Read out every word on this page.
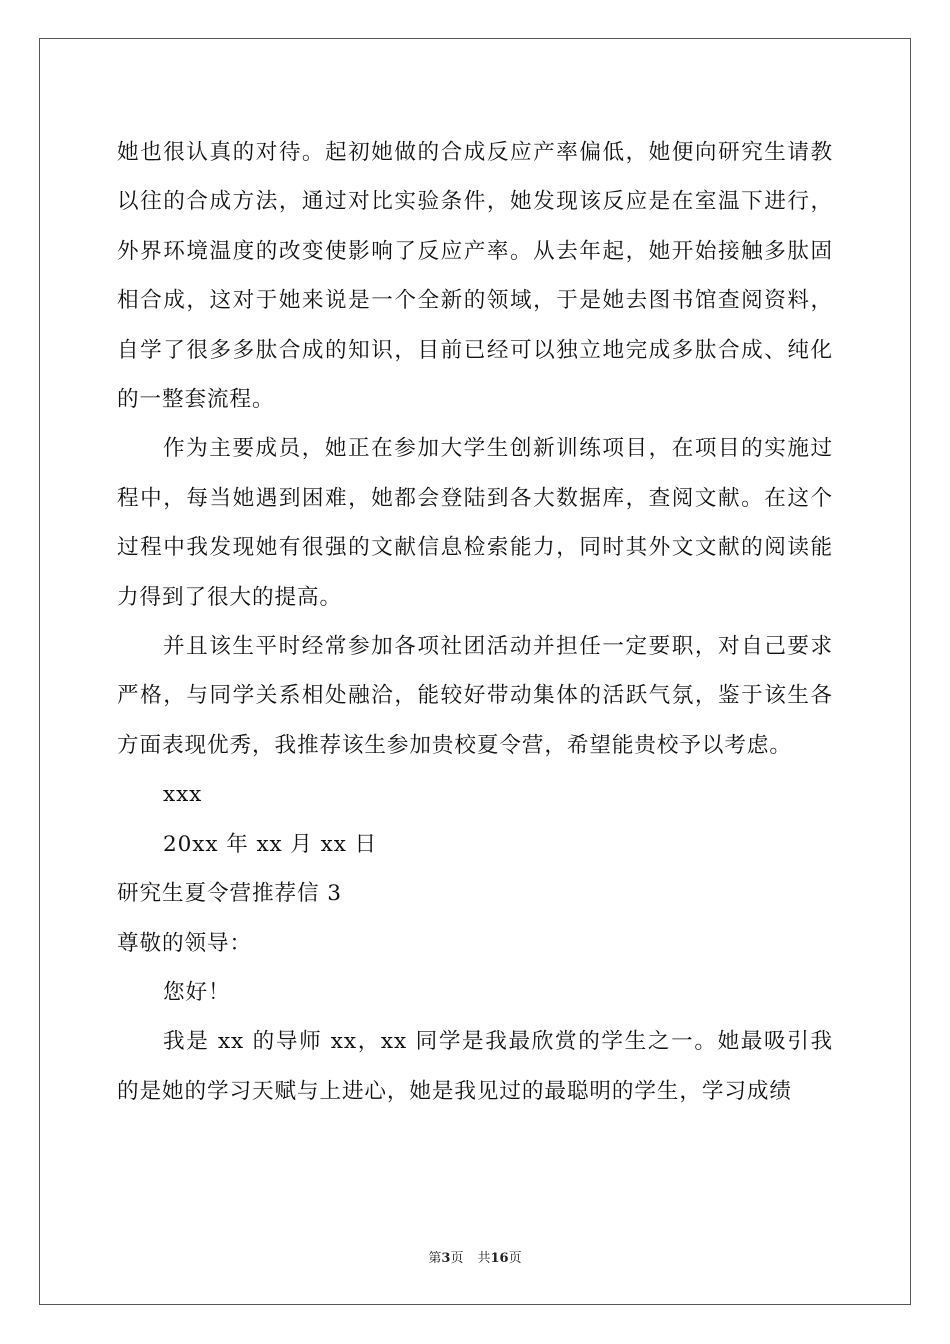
她也很认真的对待。起初她做的合成反应产率偏低，她便向研究生请教以往的合成方法，通过对比实验条件，她发现该反应是在室温下进行，外界环境温度的改变使影响了反应产率。从去年起，她开始接触多肽固相合成，这对于她来说是一个全新的领域，于是她去图书馆查阅资料，自学了很多多肽合成的知识，目前已经可以独立地完成多肽合成、纯化的一整套流程。

作为主要成员，她正在参加大学生创新训练项目，在项目的实施过程中，每当她遇到困难，她都会登陆到各大数据库，查阅文献。在这个过程中我发现她有很强的文献信息检索能力，同时其外文文献的阅读能力得到了很大的提高。

并且该生平时经常参加各项社团活动并担任一定要职，对自己要求严格，与同学关系相处融洽，能较好带动集体的活跃气氛，鉴于该生各方面表现优秀，我推荐该生参加贵校夏令营，希望能贵校予以考虑。

xxx

20xx 年 xx 月 xx 日

研究生夏令营推荐信 3

尊敬的领导：

您好！

我是 xx 的导师 xx，xx 同学是我最欣赏的学生之一。她最吸引我的是她的学习天赋与上进心，她是我见过的最聪明的学生，学习成绩

第3页 共16页
